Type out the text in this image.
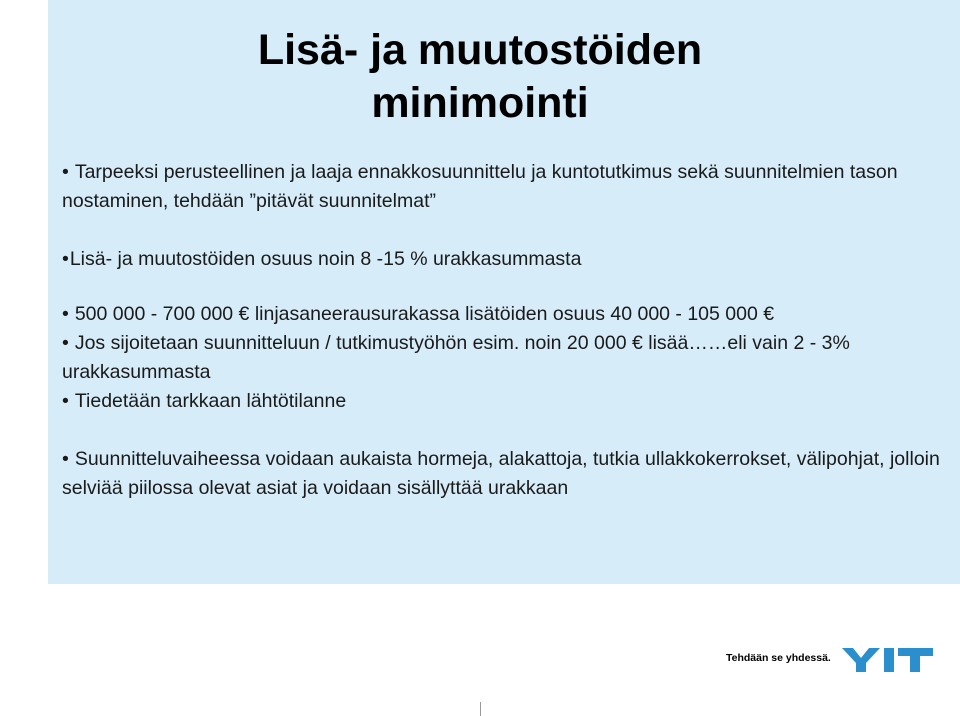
Lisä- ja muutostöiden
minimointi

• Tarpeeksi perusteellinen ja laaja ennakkosuunnittelu ja kuntotutkimus sekä suunnitelmien tason nostaminen, tehdään ”pitävät suunnitelmat”

•Lisä- ja muutostöiden osuus noin 8 -15 % urakkasummasta

• 500 000 - 700 000 € linjasaneerausurakassa lisätöiden osuus 40 000 - 105 000 €

• Jos sijoitetaan suunnitteluun / tutkimustyöhön esim. noin 20 000 € lisää……eli vain 2 - 3% urakkasummasta

• Tiedetään tarkkaan lähtötilanne

• Suunnitteluvaiheessa voidaan aukaista hormeja, alakattoja, tutkia ullakkokerrokset, välipohjat, jolloin selviää piilossa olevat asiat ja voidaan sisällyttää urakkaan

Tehdään se yhdessä.
